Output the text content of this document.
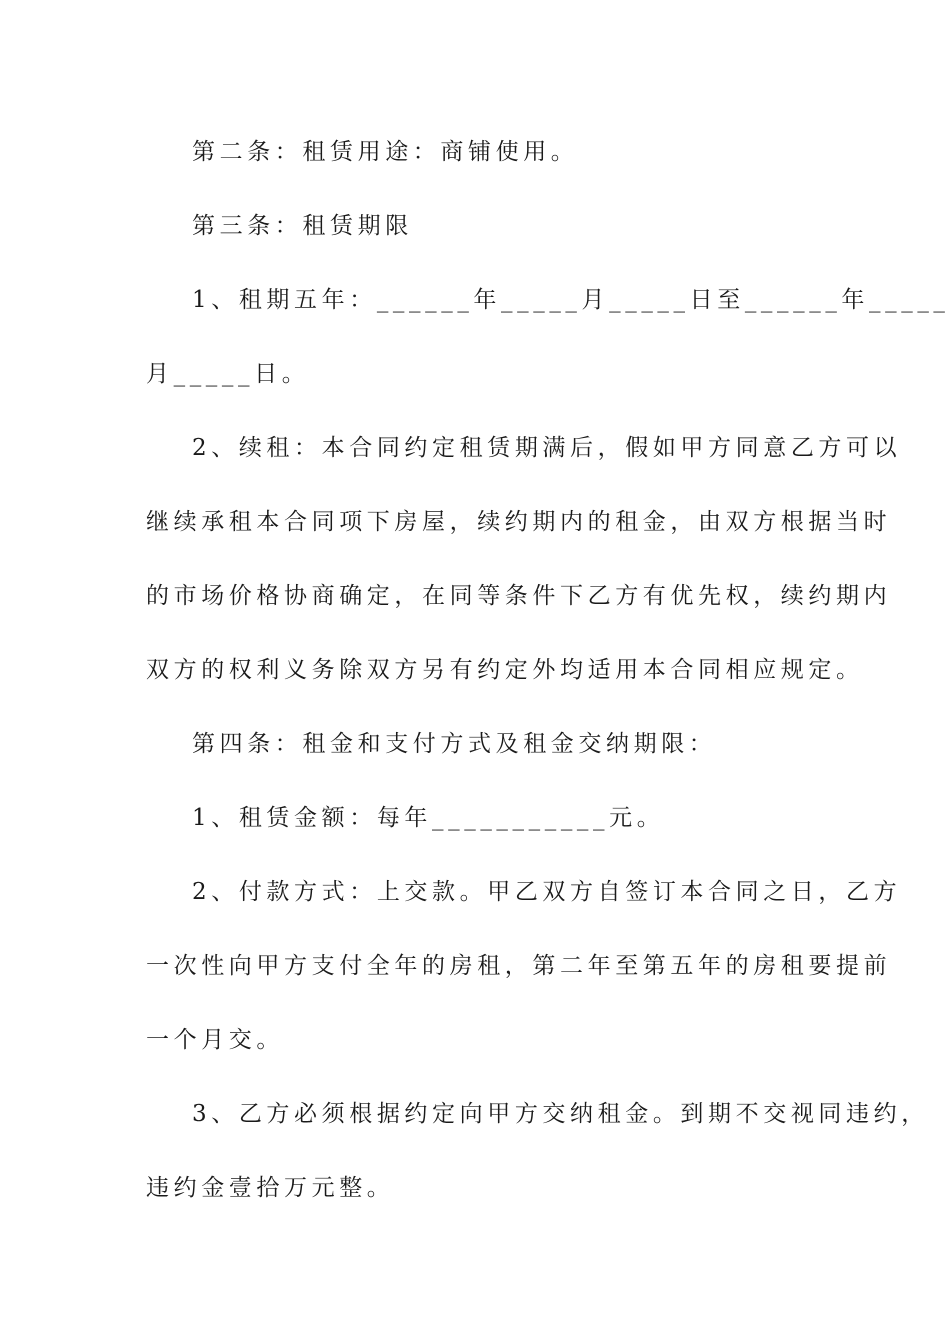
第二条：租赁用途：商铺使用。
第三条：租赁期限
1、租期五年：______年_____月_____日至______年_____
月_____日。
2、续租：本合同约定租赁期满后，假如甲方同意乙方可以
继续承租本合同项下房屋，续约期内的租金，由双方根据当时
的市场价格协商确定，在同等条件下乙方有优先权，续约期内
双方的权利义务除双方另有约定外均适用本合同相应规定。
第四条：租金和支付方式及租金交纳期限：
1、租赁金额：每年___________元。
2、付款方式：上交款。甲乙双方自签订本合同之日，乙方
一次性向甲方支付全年的房租，第二年至第五年的房租要提前
一个月交。
3、乙方必须根据约定向甲方交纳租金。到期不交视同违约，
违约金壹拾万元整。
